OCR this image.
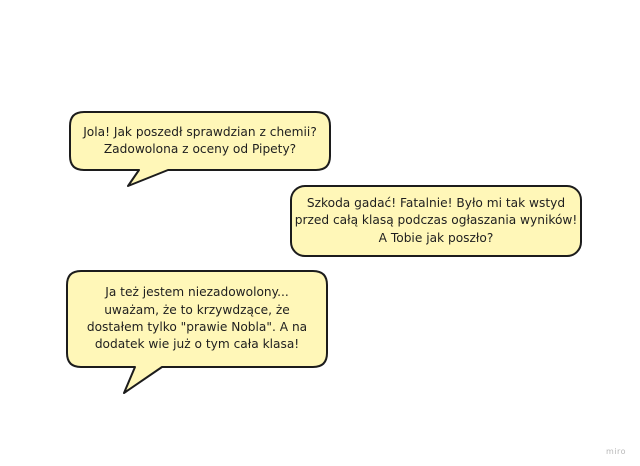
Jola! Jak poszedł sprawdzian z chemii?
Zadowolona z oceny od Pipety?
Szkoda gadać! Fatalnie! Było mi tak wstyd
przed całą klasą podczas ogłaszania wyników!
A Tobie jak poszło?
Ja też jestem niezadowolony...
uważam, że to krzywdzące, że
dostałem tylko "prawie Nobla". A na
dodatek wie już o tym cała klasa!
miro
